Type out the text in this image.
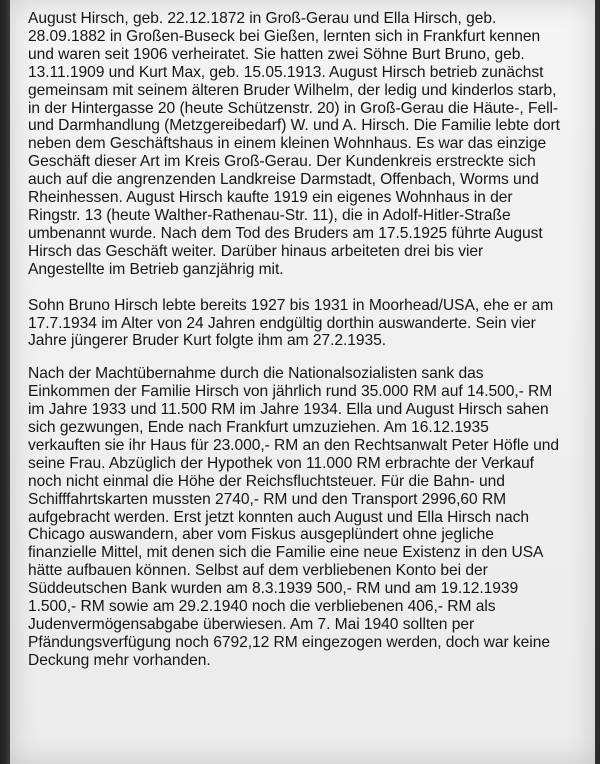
August Hirsch, geb. 22.12.1872 in Groß-Gerau und Ella Hirsch, geb.
28.09.1882 in Großen-Buseck bei Gießen, lernten sich in Frankfurt kennen
und waren seit 1906 verheiratet. Sie hatten zwei Söhne Burt Bruno, geb.
13.11.1909 und Kurt Max, geb. 15.05.1913. August Hirsch betrieb zunächst
gemeinsam mit seinem älteren Bruder Wilhelm, der ledig und kinderlos starb,
in der Hintergasse 20 (heute Schützenstr. 20) in Groß-Gerau die Häute-, Fell-
und Darmhandlung (Metzgereibedarf) W. und A. Hirsch. Die Familie lebte dort
neben dem Geschäftshaus in einem kleinen Wohnhaus. Es war das einzige
Geschäft dieser Art im Kreis Groß-Gerau. Der Kundenkreis erstreckte sich
auch auf die angrenzenden Landkreise Darmstadt, Offenbach, Worms und
Rheinhessen. August Hirsch kaufte 1919 ein eigenes Wohnhaus in der
Ringstr. 13 (heute Walther-Rathenau-Str. 11), die in Adolf-Hitler-Straße
umbenannt wurde. Nach dem Tod des Bruders am 17.5.1925 führte August
Hirsch das Geschäft weiter. Darüber hinaus arbeiteten drei bis vier
Angestellte im Betrieb ganzjährig mit.
Sohn Bruno Hirsch lebte bereits 1927 bis 1931 in Moorhead/USA, ehe er am
17.7.1934 im Alter von 24 Jahren endgültig dorthin auswanderte. Sein vier
Jahre jüngerer Bruder Kurt folgte ihm am 27.2.1935.
Nach der Machtübernahme durch die Nationalsozialisten sank das
Einkommen der Familie Hirsch von jährlich rund 35.000 RM auf 14.500,- RM
im Jahre 1933 und 11.500 RM im Jahre 1934. Ella und August Hirsch sahen
sich gezwungen, Ende nach Frankfurt umzuziehen. Am 16.12.1935
verkauften sie ihr Haus für 23.000,- RM an den Rechtsanwalt Peter Höfle und
seine Frau. Abzüglich der Hypothek von 11.000 RM erbrachte der Verkauf
noch nicht einmal die Höhe der Reichsfluchtsteuer. Für die Bahn- und
Schifffahrtskarten mussten 2740,- RM und den Transport 2996,60 RM
aufgebracht werden. Erst jetzt konnten auch August und Ella Hirsch nach
Chicago auswandern, aber vom Fiskus ausgeplündert ohne jegliche
finanzielle Mittel, mit denen sich die Familie eine neue Existenz in den USA
hätte aufbauen können. Selbst auf dem verbliebenen Konto bei der
Süddeutschen Bank wurden am 8.3.1939 500,- RM und am 19.12.1939
1.500,- RM sowie am 29.2.1940 noch die verbliebenen 406,- RM als
Judenvermögensabgabe überwiesen. Am 7. Mai 1940 sollten per
Pfändungsverfügung noch 6792,12 RM eingezogen werden, doch war keine
Deckung mehr vorhanden.
